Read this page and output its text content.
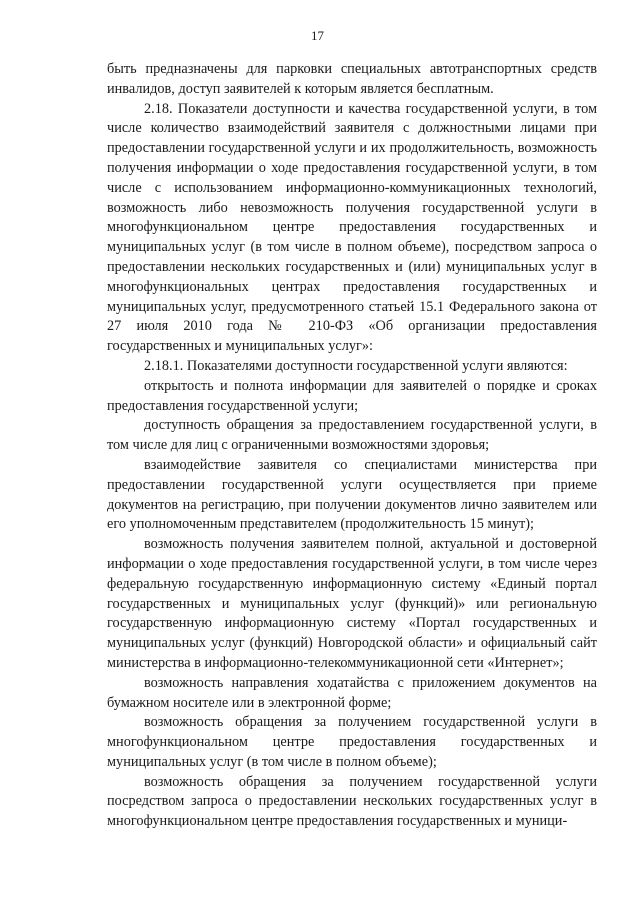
17

быть предназначены для парковки специальных автотранспортных средств инвалидов, доступ заявителей к которым является бесплатным.

2.18. Показатели доступности и качества государственной услуги, в том числе количество взаимодействий заявителя с должностными лицами при предоставлении государственной услуги и их продолжительность, возможность получения информации о ходе предоставления государственной услуги, в том числе с использованием информационно-коммуникационных технологий, возможность либо невозможность получения государственной услуги в многофункциональном центре предоставления государственных и муниципальных услуг (в том числе в полном объеме), посредством запроса о предоставлении нескольких государственных и (или) муниципальных услуг в многофункциональных центрах предоставления государственных и муниципальных услуг, предусмотренного статьей 15.1 Федерального закона от 27 июля 2010 года № 210-ФЗ «Об организации предоставления государственных и муниципальных услуг»:

2.18.1. Показателями доступности государственной услуги являются:

открытость и полнота информации для заявителей о порядке и сроках предоставления государственной услуги;

доступность обращения за предоставлением государственной услуги, в том числе для лиц с ограниченными возможностями здоровья;

взаимодействие заявителя со специалистами министерства при предоставлении государственной услуги осуществляется при приеме документов на регистрацию, при получении документов лично заявителем или его уполномоченным представителем (продолжительность 15 минут);

возможность получения заявителем полной, актуальной и достоверной информации о ходе предоставления государственной услуги, в том числе через федеральную государственную информационную систему «Единый портал государственных и муниципальных услуг (функций)» или региональную государственную информационную систему «Портал государственных и муниципальных услуг (функций) Новгородской области» и официальный сайт министерства в информационно-телекоммуникационной сети «Интернет»;

возможность направления ходатайства с приложением документов на бумажном носителе или в электронной форме;

возможность обращения за получением государственной услуги в многофункциональном центре предоставления государственных и муниципальных услуг (в том числе в полном объеме);

возможность обращения за получением государственной услуги посредством запроса о предоставлении нескольких государственных услуг в многофункциональном центре предоставления государственных и муници-
